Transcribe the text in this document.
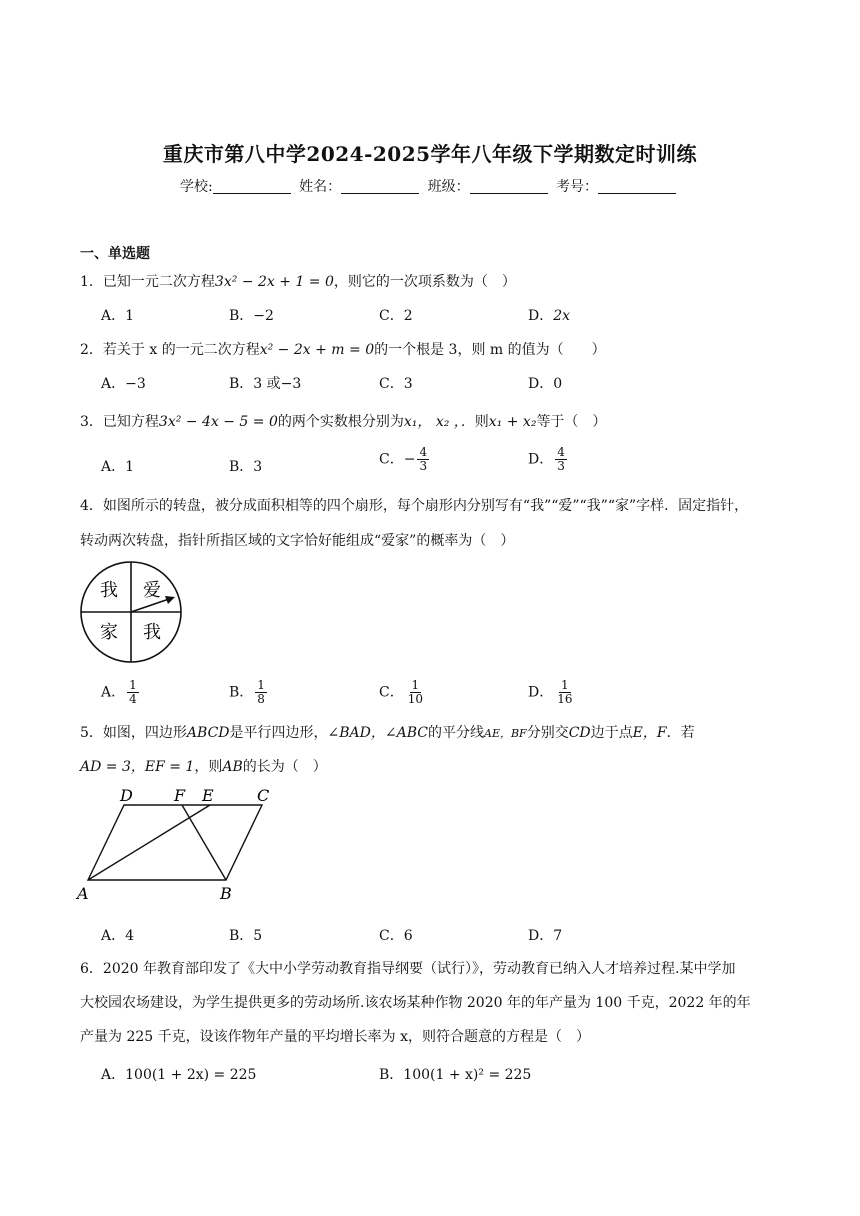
重庆市第八中学2024-2025学年八年级下学期数定时训练
学校:	姓名：	班级：	考号：
一、单选题
1．已知一元二次方程3x² − 2x + 1 = 0，则它的一次项系数为（　）
A．1	B．−2	C．2	D．2x
2．若关于 x 的一元二次方程x² − 2x + m = 0的一个根是 3，则 m 的值为（　　）
A．−3	B．3 或−3	C．3	D．0
3．已知方程3x² − 4x − 5 = 0的两个实数根分别为x₁， x₂ ，．则x₁ + x₂等于（　）
A．1	B．3	C．− $\frac{4}{3}$	D． $\frac{4}{3}$
4．如图所示的转盘，被分成面积相等的四个扇形，每个扇形内分别写有“我”“爱”“我”“家”字样．固定指针，
转动两次转盘，指针所指区域的文字恰好能组成“爱家”的概率为（　）
我 爱
家 我
A． $\frac{1}{4}$	B． $\frac{1}{8}$	C． $\frac{1}{10}$	D． $\frac{1}{16}$
5．如图，四边形ABCD是平行四边形，∠BAD，∠ABC的平分线AE，BF分别交CD边于点E，F．若
AD = 3，EF = 1，则AB的长为（　）
D	F E	C
A	B
A．4	B．5	C．6	D．7
6．2020 年教育部印发了《大中小学劳动教育指导纲要（试行）》，劳动教育已纳入人才培养过程.某中学加
大校园农场建设，为学生提供更多的劳动场所.该农场某种作物 2020 年的年产量为 100 千克，2022 年的年
产量为 225 千克，设该作物年产量的平均增长率为 x，则符合题意的方程是（　）
A．100(1 + 2x) = 225	B．100(1 + x)² = 225
